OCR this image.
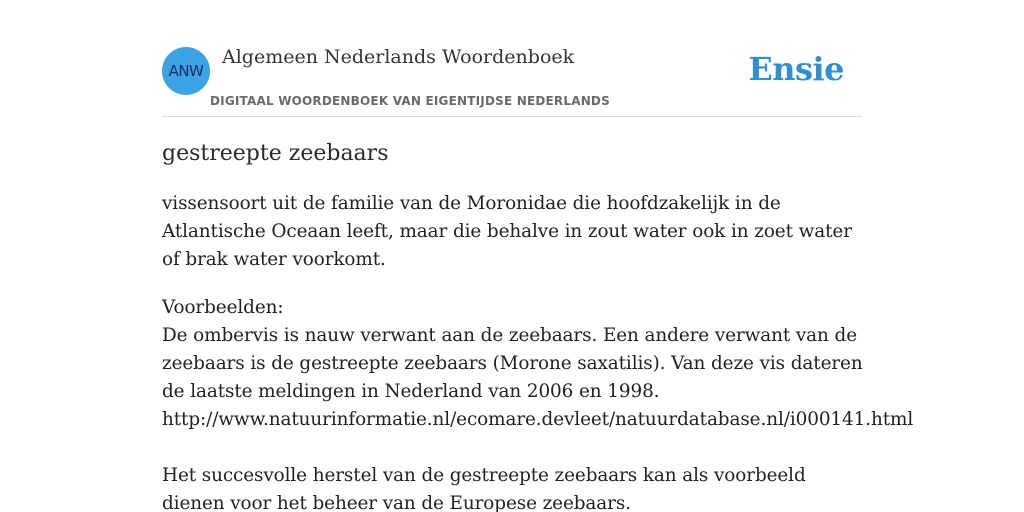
ANW
Algemeen Nederlands Woordenboek
DIGITAAL WOORDENBOEK VAN EIGENTIJDSE NEDERLANDS
Ensie
gestreepte zeebaars

vissensoort uit de familie van de Moronidae die hoofdzakelijk in de Atlantische Oceaan leeft, maar die behalve in zout water ook in zoet water of brak water voorkomt.

Voorbeelden:
De ombervis is nauw verwant aan de zeebaars. Een andere verwant van de zeebaars is de gestreepte zeebaars (Morone saxatilis). Van deze vis dateren de laatste meldingen in Nederland van 2006 en 1998.
http://www.natuurinformatie.nl/ecomare.devleet/natuurdatabase.nl/i000141.html
Het succesvolle herstel van de gestreepte zeebaars kan als voorbeeld dienen voor het beheer van de Europese zeebaars.
